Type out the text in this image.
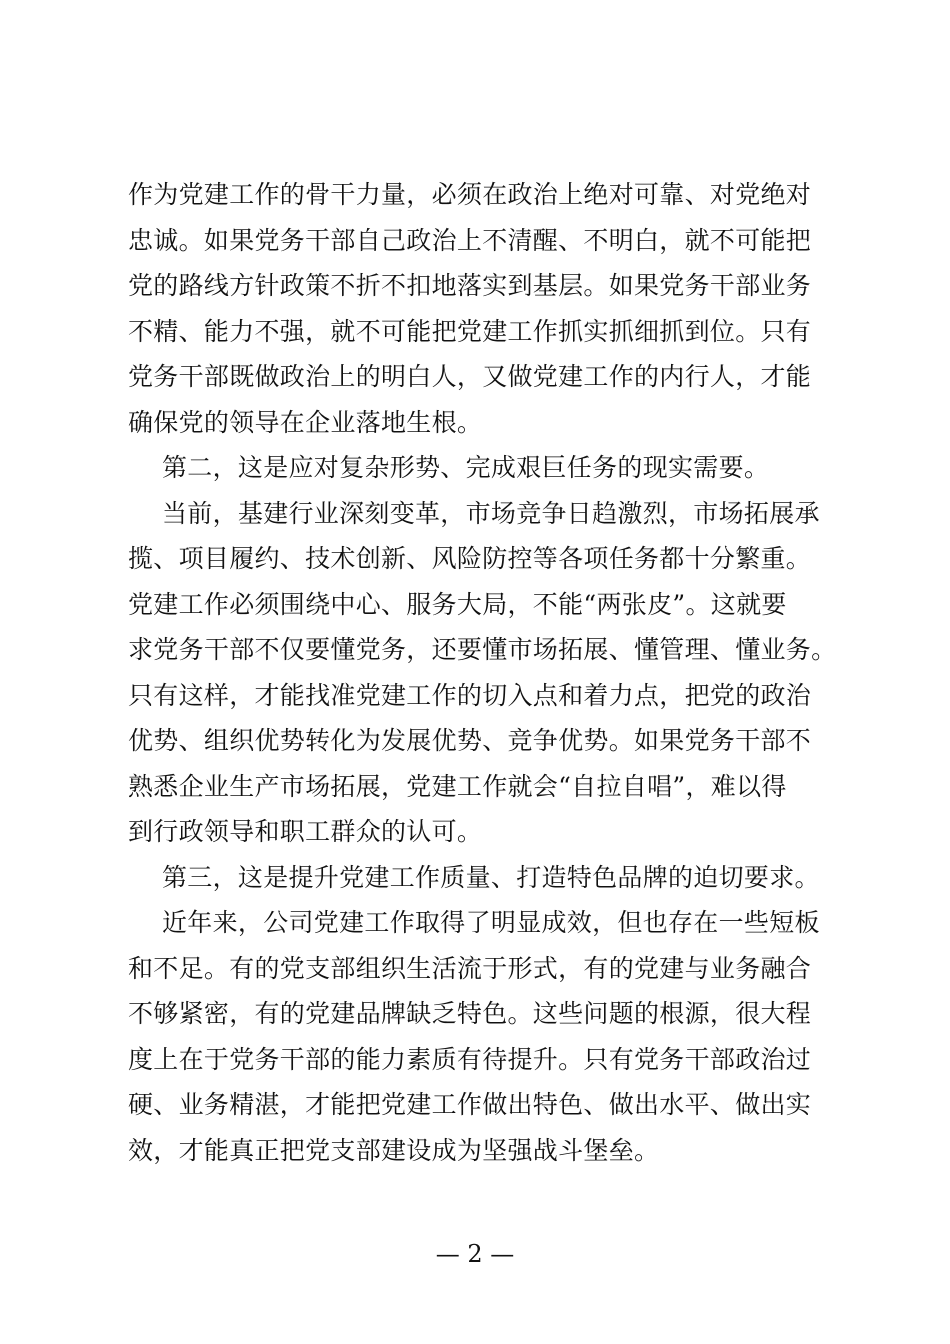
作为党建工作的骨干力量，必须在政治上绝对可靠、对党绝对
忠诚。如果党务干部自己政治上不清醒、不明白，就不可能把
党的路线方针政策不折不扣地落实到基层。如果党务干部业务
不精、能力不强，就不可能把党建工作抓实抓细抓到位。只有
党务干部既做政治上的明白人，又做党建工作的内行人，才能
确保党的领导在企业落地生根。
第二，这是应对复杂形势、完成艰巨任务的现实需要。
当前，基建行业深刻变革，市场竞争日趋激烈，市场拓展承
揽、项目履约、技术创新、风险防控等各项任务都十分繁重。
党建工作必须围绕中心、服务大局，不能“两张皮”。这就要
求党务干部不仅要懂党务，还要懂市场拓展、懂管理、懂业务。
只有这样，才能找准党建工作的切入点和着力点，把党的政治
优势、组织优势转化为发展优势、竞争优势。如果党务干部不
熟悉企业生产市场拓展，党建工作就会“自拉自唱”，难以得
到行政领导和职工群众的认可。
第三，这是提升党建工作质量、打造特色品牌的迫切要求。
近年来，公司党建工作取得了明显成效，但也存在一些短板
和不足。有的党支部组织生活流于形式，有的党建与业务融合
不够紧密，有的党建品牌缺乏特色。这些问题的根源，很大程
度上在于党务干部的能力素质有待提升。只有党务干部政治过
硬、业务精湛，才能把党建工作做出特色、做出水平、做出实
效，才能真正把党支部建设成为坚强战斗堡垒。
— 2 —
